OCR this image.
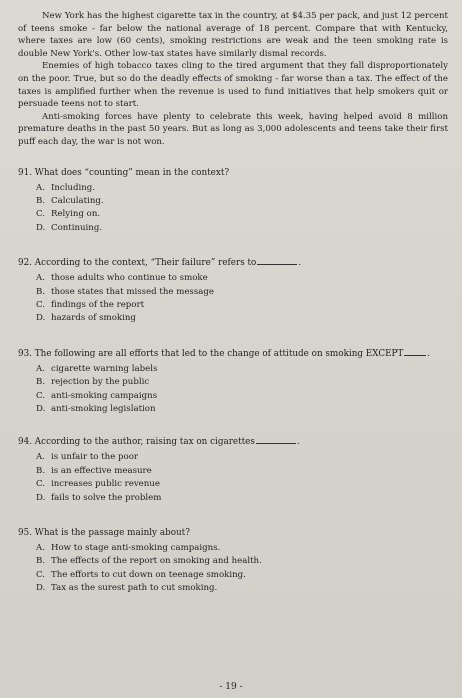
New York has the highest cigarette tax in the country, at $4.35 per pack, and just 12 percent of teens smoke - far below the national average of 18 percent. Compare that with Kentucky, where taxes are low (60 cents), smoking restrictions are weak and the teen smoking rate is double New York's. Other low-tax states have similarly dismal records.

Enemies of high tobacco taxes cling to the tired argument that they fall disproportionately on the poor. True, but so do the deadly effects of smoking - far worse than a tax. The effect of the taxes is amplified further when the revenue is used to fund initiatives that help smokers quit or persuade teens not to start.

Anti-smoking forces have plenty to celebrate this week, having helped avoid 8 million premature deaths in the past 50 years. But as long as 3,000 adolescents and teens take their first puff each day, the war is not won.

91. What does “counting” mean in the context?

A. Including.
B. Calculating.
C. Relying on.
D. Continuing.

92. According to the context, “Their failure” refers to	.

A. those adults who continue to smoke
B. those states that missed the message
C. findings of the report
D. hazards of smoking

93. The following are all efforts that led to the change of attitude on smoking EXCEPT	.

A. cigarette warning labels
B. rejection by the public
C. anti-smoking campaigns
D. anti-smoking legislation

94. According to the author, raising tax on cigarettes	.

A. is unfair to the poor
B. is an effective measure
C. increases public revenue
D. fails to solve the problem

95. What is the passage mainly about?

A. How to stage anti-smoking campaigns.
B. The effects of the report on smoking and health.
C. The efforts to cut down on teenage smoking.
D. Tax as the surest path to cut smoking.
- 19 -
